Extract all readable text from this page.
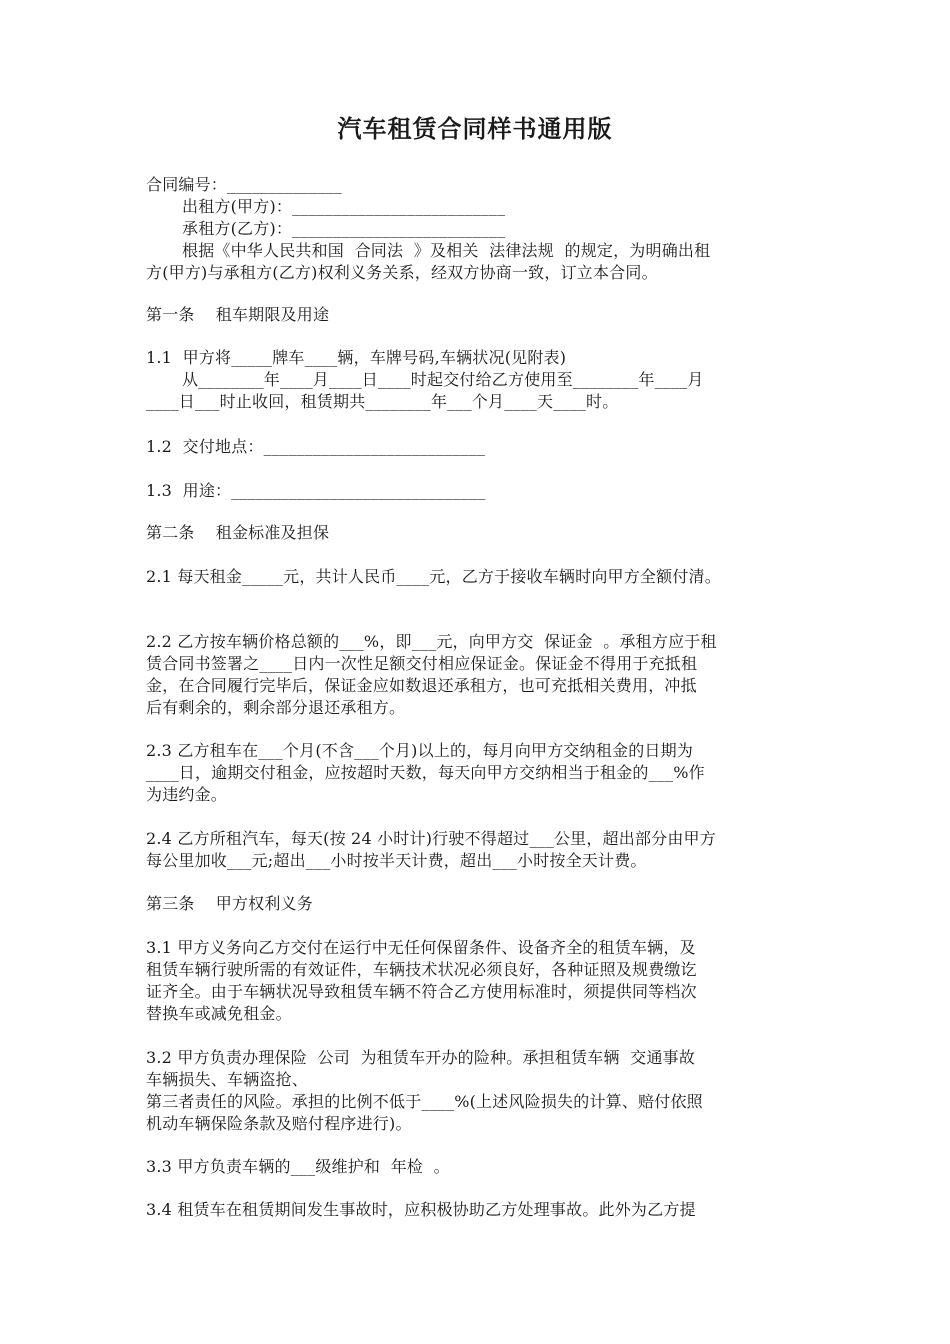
汽车租赁合同样书通用版
合同编号：______________
出租方(甲方)：__________________________
承租方(乙方)：__________________________
根据《中华人民共和国  合同法  》及相关  法律法规  的规定，为明确出租
方(甲方)与承租方(乙方)权利义务关系，经双方协商一致，订立本合同。
第一条    租车期限及用途
1.1  甲方将_____牌车____辆，车牌号码,车辆状况(见附表)
从________年____月____日____时起交付给乙方使用至________年____月
____日___时止收回，租赁期共________年___个月____天____时。
1.2  交付地点：___________________________
1.3  用途：_______________________________
第二条    租金标准及担保
2.1 每天租金_____元，共计人民币____元，乙方于接收车辆时向甲方全额付清。
2.2 乙方按车辆价格总额的___%，即___元，向甲方交  保证金  。承租方应于租
赁合同书签署之____日内一次性足额交付相应保证金。保证金不得用于充抵租
金，在合同履行完毕后，保证金应如数退还承租方，也可充抵相关费用，冲抵
后有剩余的，剩余部分退还承租方。
2.3 乙方租车在___个月(不含___个月)以上的，每月向甲方交纳租金的日期为
____日，逾期交付租金，应按超时天数，每天向甲方交纳相当于租金的___%作
为违约金。
2.4 乙方所租汽车，每天(按 24 小时计)行驶不得超过___公里，超出部分由甲方
每公里加收___元;超出___小时按半天计费，超出___小时按全天计费。
第三条    甲方权利义务
3.1 甲方义务向乙方交付在运行中无任何保留条件、设备齐全的租赁车辆，及
租赁车辆行驶所需的有效证件，车辆技术状况必须良好，各种证照及规费缴讫
证齐全。由于车辆状况导致租赁车辆不符合乙方使用标准时，须提供同等档次
替换车或减免租金。
3.2 甲方负责办理保险  公司  为租赁车开办的险种。承担租赁车辆  交通事故
车辆损失、车辆盗抢、
第三者责任的风险。承担的比例不低于____%(上述风险损失的计算、赔付依照
机动车辆保险条款及赔付程序进行)。
3.3 甲方负责车辆的___级维护和  年检  。
3.4 租赁车在租赁期间发生事故时，应积极协助乙方处理事故。此外为乙方提
